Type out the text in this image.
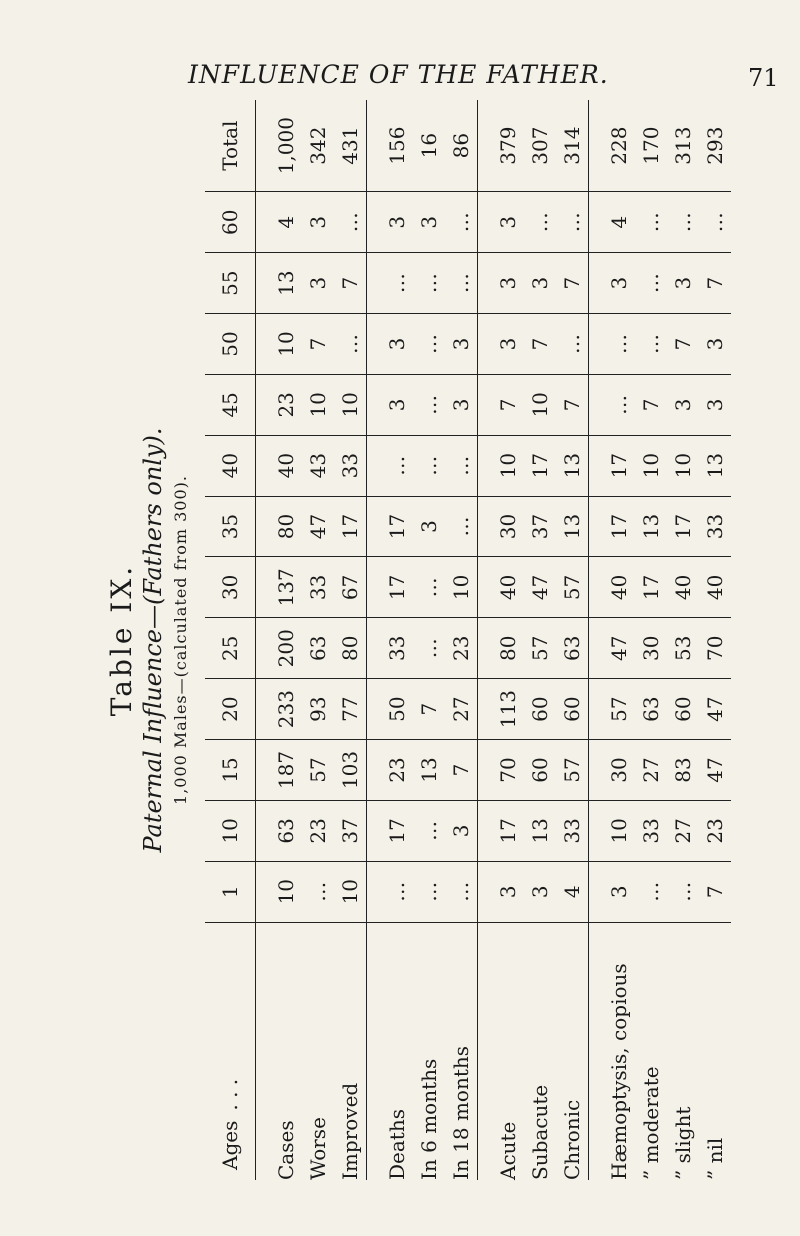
INFLUENCE OF THE FATHER.	71
Table IX. Paternal Influence—(Fathers only). 1,000 Males—(calculated from 300).
Ages. . .	1	10	15	20	25	30	35	40	45	50	55	60	Total

Cases	10	63	187	233	200	137	80	40	23	10	13	4	1,000
Worse	…	23	57	93	63	33	47	43	10	7	3	3	342
Improved	10	37	103	77	80	67	17	33	10	…	7	…	431

Deaths	…	17	23	50	33	17	17	…	3	3	…	3	156
In 6 months	…	…	13	7	…	…	3	…	…	…	…	3	16
In 18 months	…	3	7	27	23	10	…	…	3	3	…	…	86

Acute	3	17	70	113	80	40	30	10	7	3	3	3	379
Subacute	3	13	60	60	57	47	37	17	10	7	3	…	307
Chronic	4	33	57	60	63	57	13	13	7	…	7	…	314

Hæmoptysis, copious	3	10	30	57	47	40	17	17	…	…	3	4	228
” moderate	…	33	27	63	30	17	13	10	7	…	…	…	170
” slight	…	27	83	60	53	40	17	10	3	7	3	…	313
” nil	7	23	47	47	70	40	33	13	3	3	7	…	293
